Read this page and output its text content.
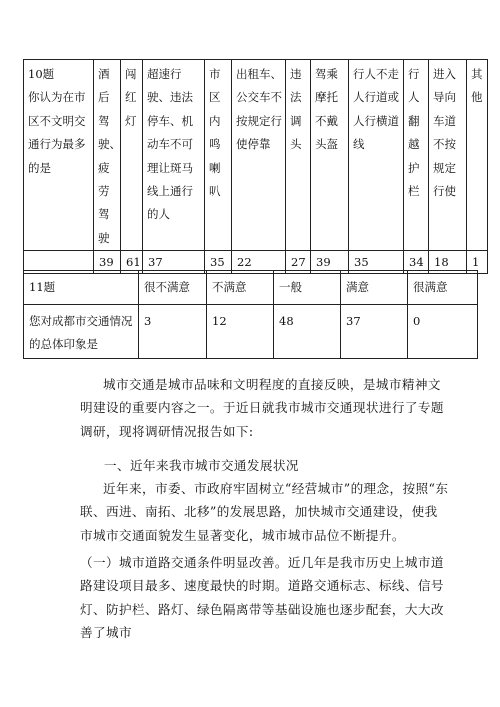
10题
你认为在市区不文明交通行为最多的是	酒后驾驶、疲劳驾驶	闯红灯	超速行驶、违法停车、机动车不可理让斑马线上通行的人	市区内鸣喇叭	出租车、公交车不按规定行使停靠	违法调头	驾乘摩托不戴头盔	行人不走人行道或人行横道线	行人翻越护栏	进入导向车道不按规定行使	其他
	39	61	37	35	22	27	39	35	34	18	1
11题	很不满意	不满意	一般	满意	很满意
您对成都市交通情况的总体印象是	3	12	48	37	0

城市交通是城市品味和文明程度的直接反映，是城市精神文明建设的重要内容之一。于近日就我市城市交通现状进行了专题调研，现将调研情况报告如下:

一、近年来我市城市交通发展状况

近年来，市委、市政府牢固树立“经营城市”的理念，按照“东联、西进、南拓、北移”的发展思路，加快城市交通建设，使我市城市交通面貌发生显著变化，城市城市品位不断提升。

（一）城市道路交通条件明显改善。近几年是我市历史上城市道路建设项目最多、速度最快的时期。道路交通标志、标线、信号灯、防护栏、路灯、绿色隔离带等基础设施也逐步配套，大大改善了城市
